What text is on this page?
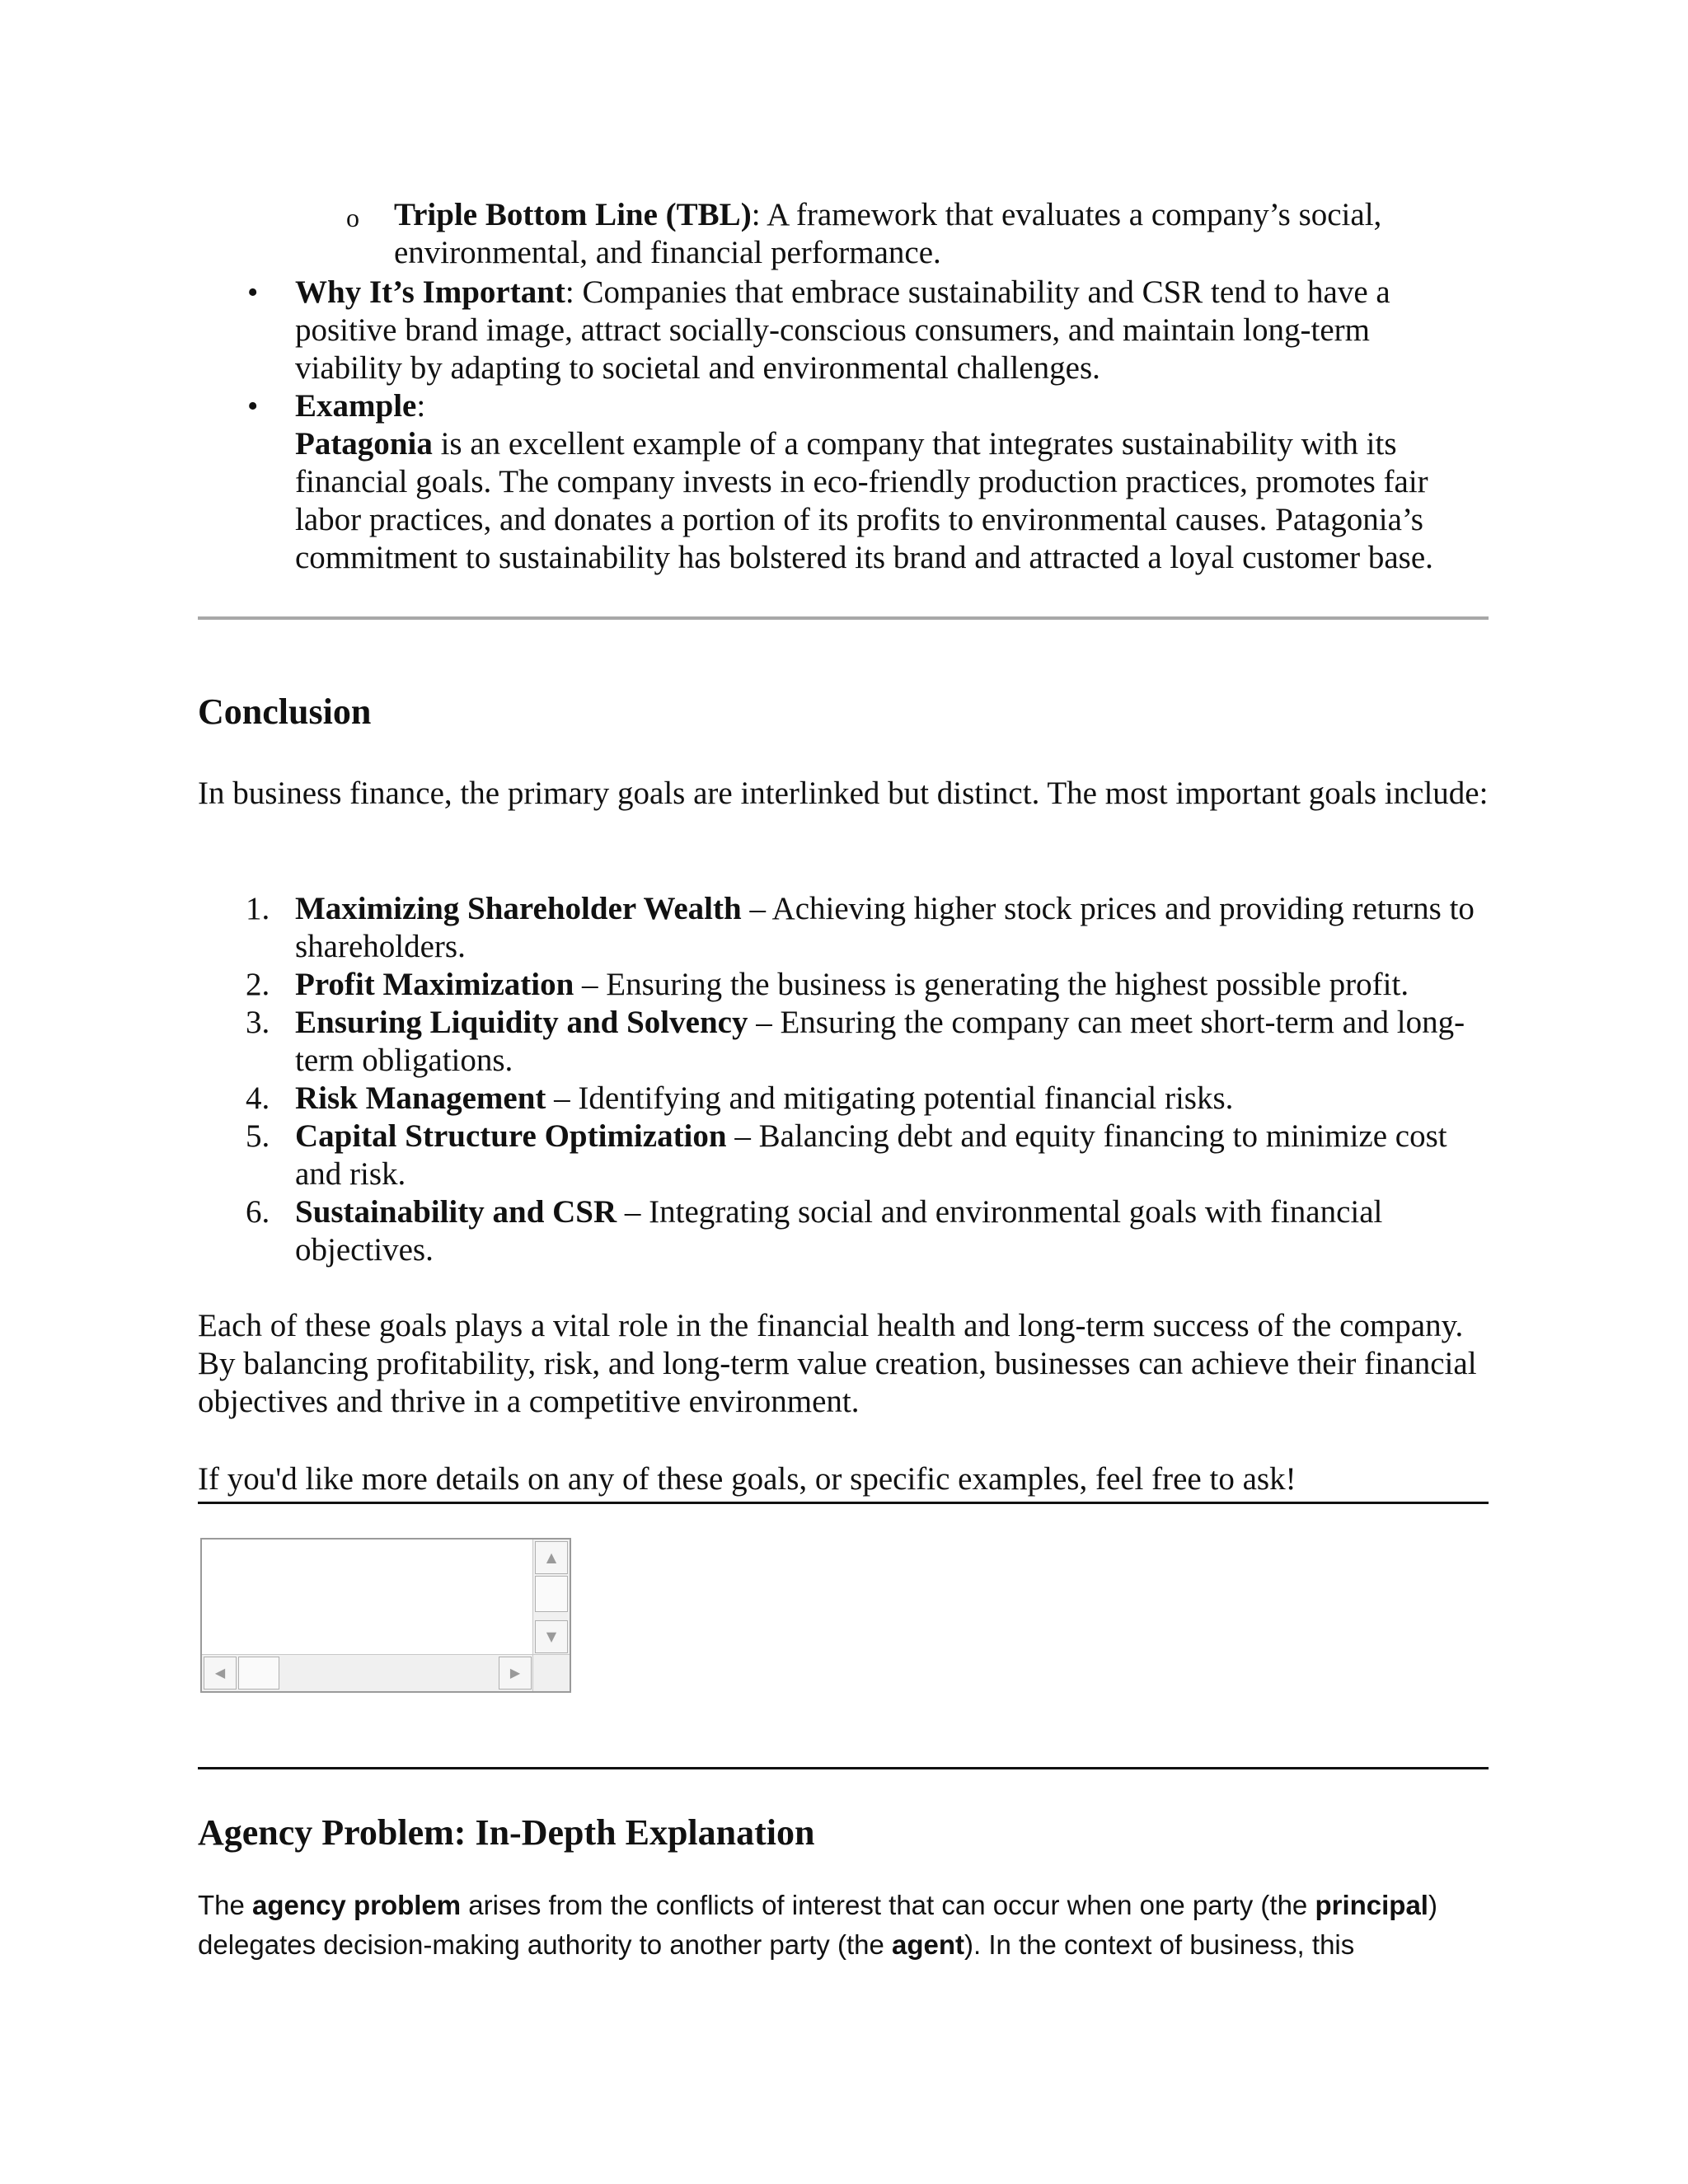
o Triple Bottom Line (TBL): A framework that evaluates a company’s social, environmental, and financial performance.
• Why It’s Important: Companies that embrace sustainability and CSR tend to have a positive brand image, attract socially-conscious consumers, and maintain long-term viability by adapting to societal and environmental challenges.
• Example:
Patagonia is an excellent example of a company that integrates sustainability with its financial goals. The company invests in eco-friendly production practices, promotes fair labor practices, and donates a portion of its profits to environmental causes. Patagonia’s commitment to sustainability has bolstered its brand and attracted a loyal customer base.
Conclusion
In business finance, the primary goals are interlinked but distinct. The most important goals include:
1. Maximizing Shareholder Wealth – Achieving higher stock prices and providing returns to shareholders.
2. Profit Maximization – Ensuring the business is generating the highest possible profit.
3. Ensuring Liquidity and Solvency – Ensuring the company can meet short-term and long-term obligations.
4. Risk Management – Identifying and mitigating potential financial risks.
5. Capital Structure Optimization – Balancing debt and equity financing to minimize cost and risk.
6. Sustainability and CSR – Integrating social and environmental goals with financial objectives.
Each of these goals plays a vital role in the financial health and long-term success of the company. By balancing profitability, risk, and long-term value creation, businesses can achieve their financial objectives and thrive in a competitive environment.
If you'd like more details on any of these goals, or specific examples, feel free to ask!
▲
▼
◀	▶
Agency Problem: In-Depth Explanation
The agency problem arises from the conflicts of interest that can occur when one party (the principal) delegates decision-making authority to another party (the agent). In the context of business, this
